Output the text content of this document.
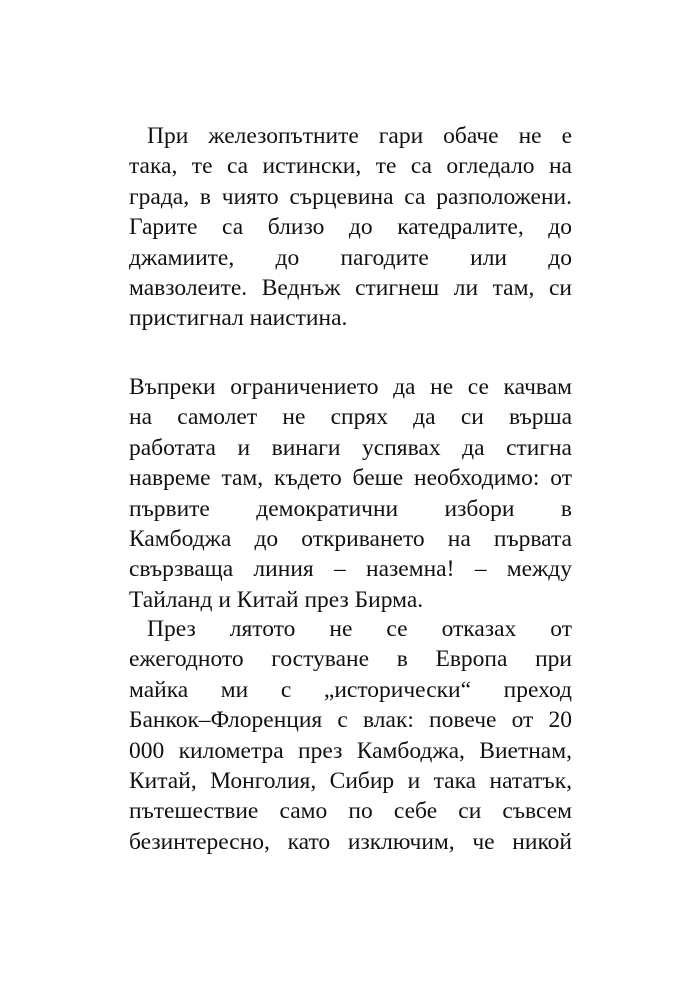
При железопътните гари обаче не е
така, те са истински, те са огледало на
града, в чиято сърцевина са разположени.
Гарите са близо до катедралите, до
джамиите, до пагодите или до
мавзолеите. Веднъж стигнеш ли там, си
пристигнал наистина.

Въпреки ограничението да не се качвам
на самолет не спрях да си върша
работата и винаги успявах да стигна
навреме там, където беше необходимо: от
първите демократични избори в
Камбоджа до откриването на първата
свързваща линия – наземна! – между
Тайланд и Китай през Бирма.

През лятото не се отказах от
ежегодното гостуване в Европа при
майка ми с „исторически“ преход
Банкок–Флоренция с влак: повече от 20
000 километра през Камбоджа, Виетнам,
Китай, Монголия, Сибир и така нататък,
пътешествие само по себе си съвсем
безинтересно, като изключим, че никой
